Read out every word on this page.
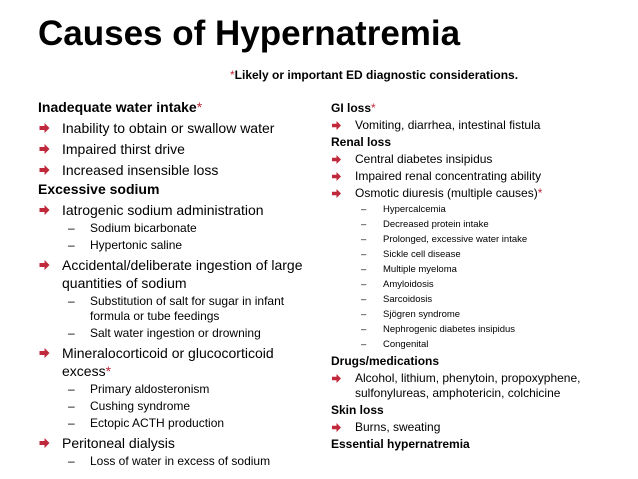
Causes of Hypernatremia
*Likely or important ED diagnostic considerations.
Inadequate water intake*
Inability to obtain or swallow water
Impaired thirst drive
Increased insensible loss
Excessive sodium
Iatrogenic sodium administration
– Sodium bicarbonate
– Hypertonic saline
Accidental/deliberate ingestion of large quantities of sodium
– Substitution of salt for sugar in infant formula or tube feedings
– Salt water ingestion or drowning
Mineralocorticoid or glucocorticoid excess*
– Primary aldosteronism
– Cushing syndrome
– Ectopic ACTH production
Peritoneal dialysis
– Loss of water in excess of sodium
GI loss*
Vomiting, diarrhea, intestinal fistula
Renal loss
Central diabetes insipidus
Impaired renal concentrating ability
Osmotic diuresis (multiple causes)*
– Hypercalcemia
– Decreased protein intake
– Prolonged, excessive water intake
– Sickle cell disease
– Multiple myeloma
– Amyloidosis
– Sarcoidosis
– Sjögren syndrome
– Nephrogenic diabetes insipidus
– Congenital
Drugs/medications
Alcohol, lithium, phenytoin, propoxyphene, sulfonylureas, amphotericin, colchicine
Skin loss
Burns, sweating
Essential hypernatremia
